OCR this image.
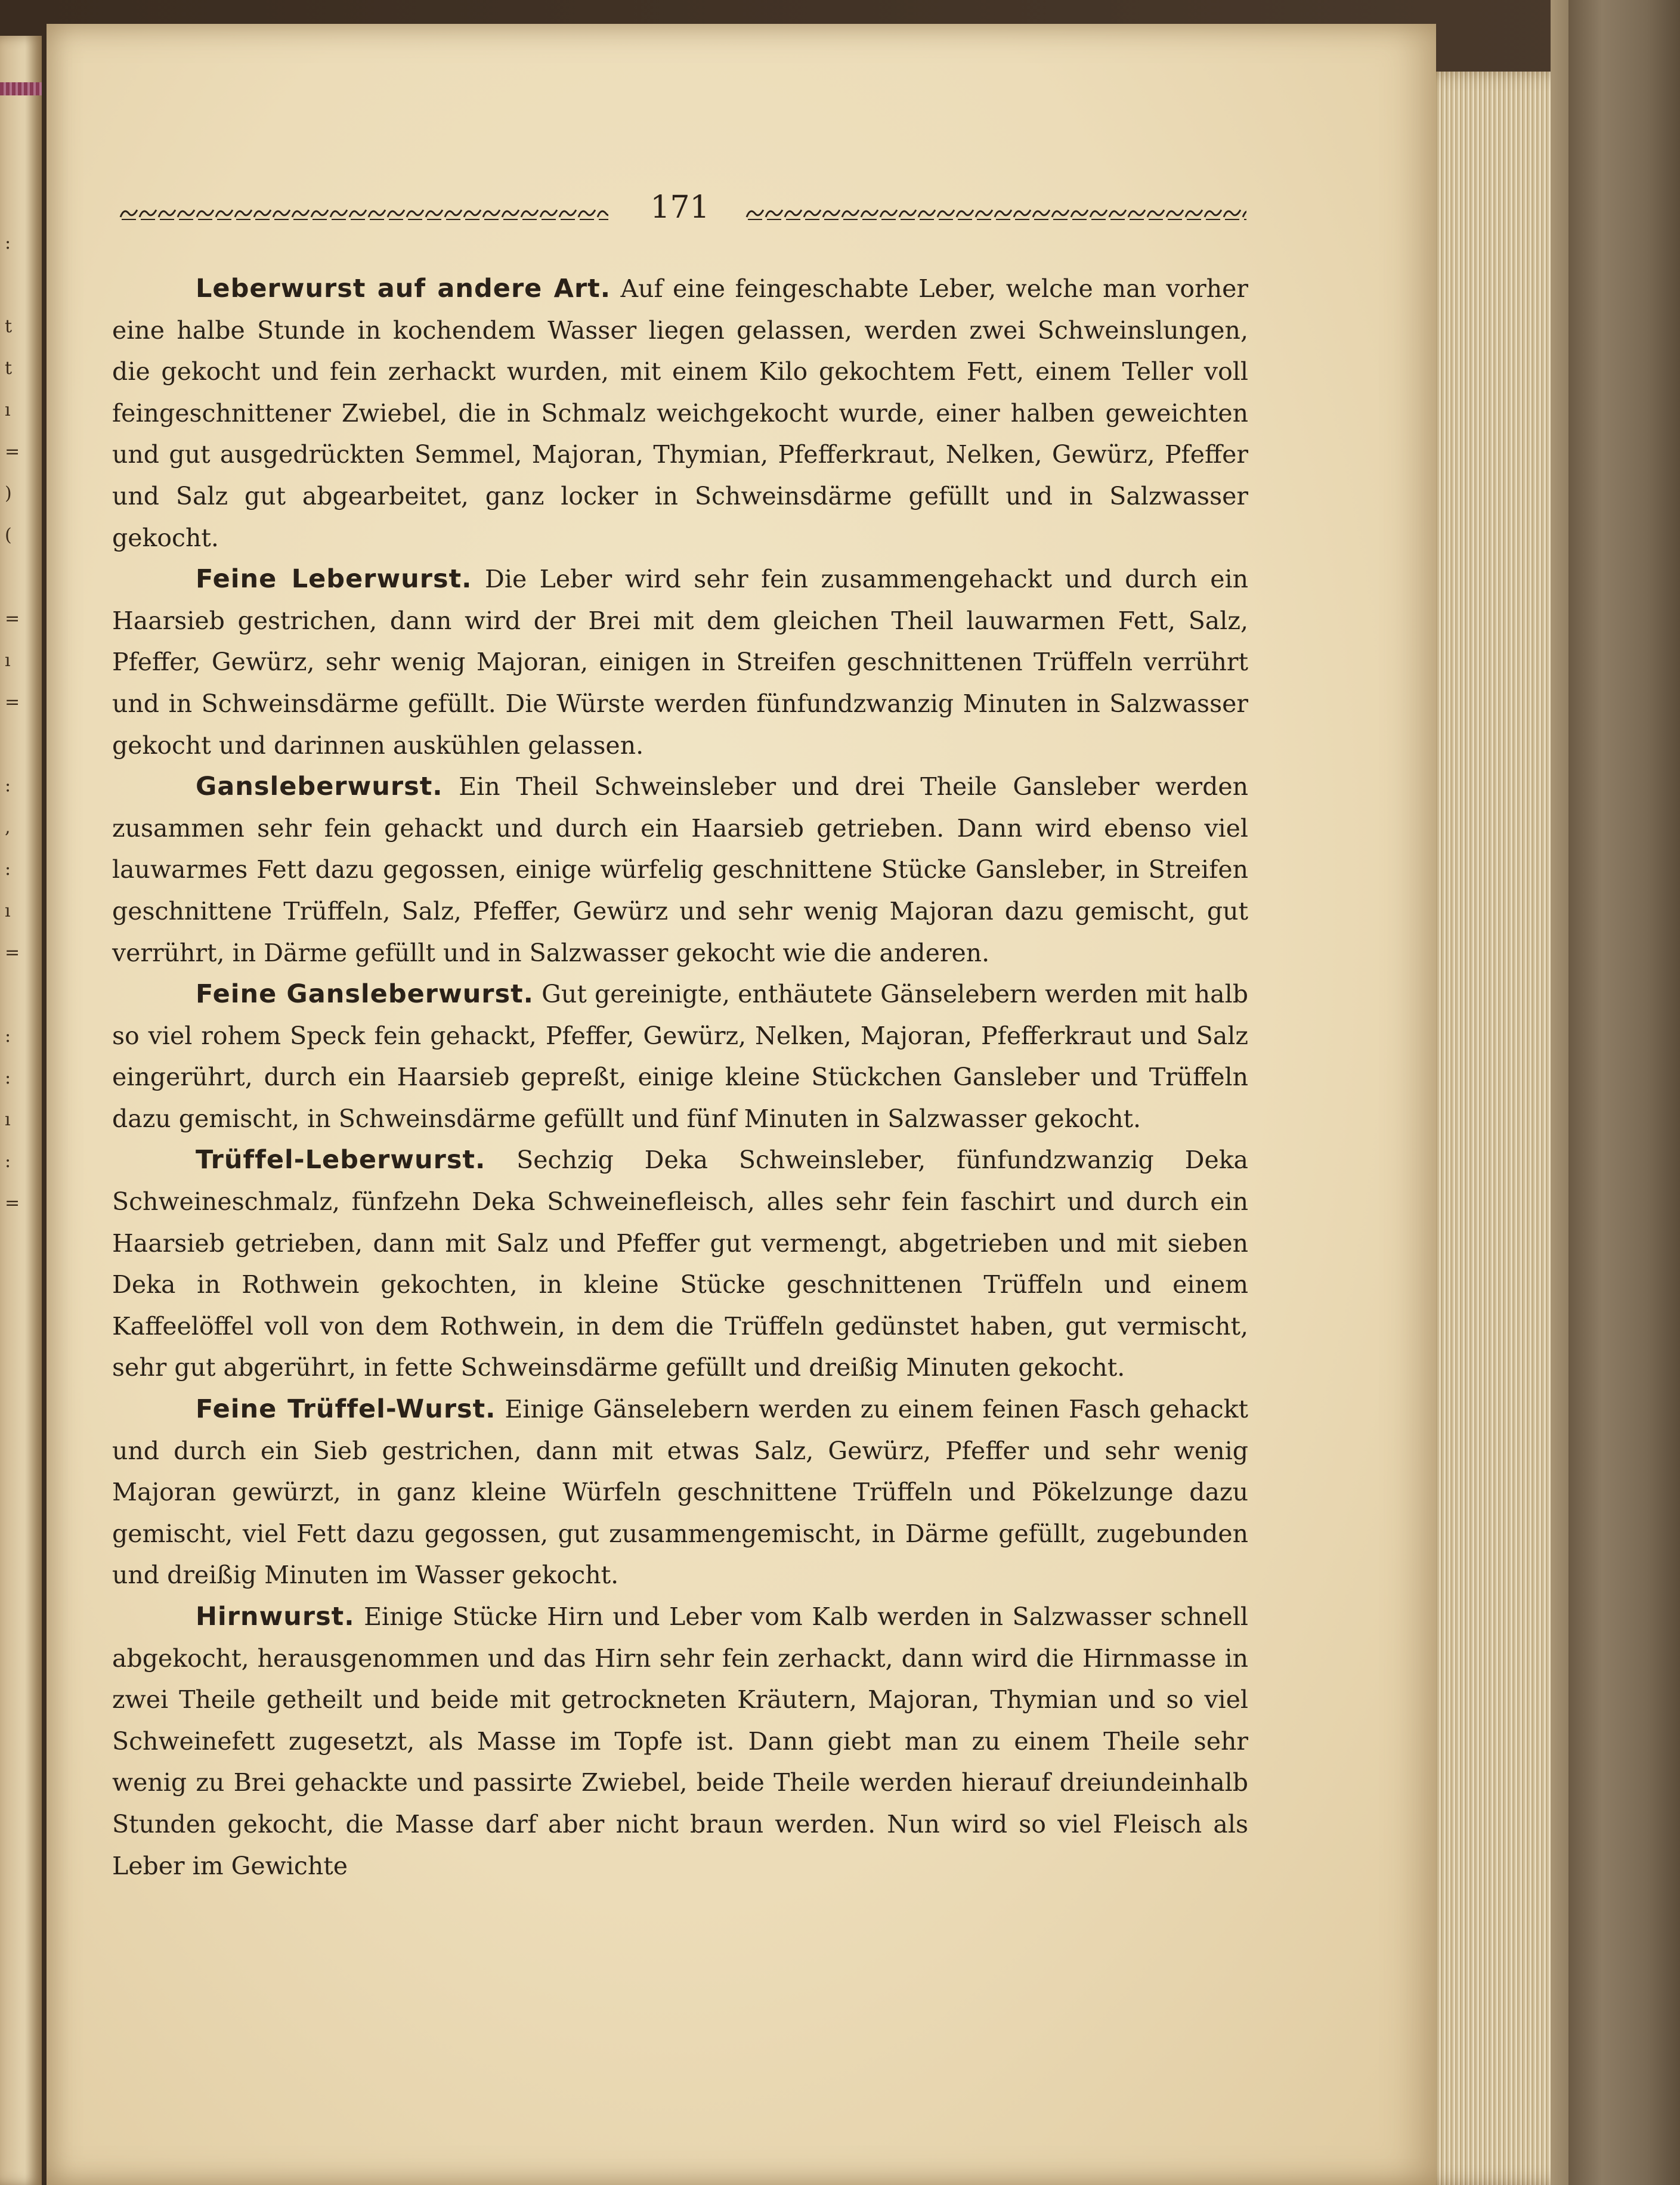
:
t
t
ı
=
)
(
=
ı
=
:
,
:
ı
=
:
:
ı
:
=
171

Leberwurst auf andere Art. Auf eine feingeschabte Leber, welche man vorher eine halbe Stunde in kochendem Wasser liegen gelassen, werden zwei Schweinslungen, die gekocht und fein zerhackt wurden, mit einem Kilo gekochtem Fett, einem Teller voll feingeschnittener Zwiebel, die in Schmalz weichgekocht wurde, einer halben geweichten und gut ausgedrückten Semmel, Majoran, Thymian, Pfefferkraut, Nelken, Gewürz, Pfeffer und Salz gut abgearbeitet, ganz locker in Schweinsdärme gefüllt und in Salzwasser gekocht.

Feine Leberwurst. Die Leber wird sehr fein zusammengehackt und durch ein Haarsieb gestrichen, dann wird der Brei mit dem gleichen Theil lauwarmen Fett, Salz, Pfeffer, Gewürz, sehr wenig Majoran, einigen in Streifen geschnittenen Trüffeln verrührt und in Schweinsdärme gefüllt. Die Würste werden fünfundzwanzig Minuten in Salzwasser gekocht und darinnen auskühlen gelassen.

Gansleberwurst. Ein Theil Schweinsleber und drei Theile Gansleber werden zusammen sehr fein gehackt und durch ein Haarsieb getrieben. Dann wird ebenso viel lauwarmes Fett dazu gegossen, einige würfelig geschnittene Stücke Gansleber, in Streifen geschnittene Trüffeln, Salz, Pfeffer, Gewürz und sehr wenig Majoran dazu gemischt, gut verrührt, in Därme gefüllt und in Salzwasser gekocht wie die anderen.

Feine Gansleberwurst. Gut gereinigte, enthäutete Gänselebern werden mit halb so viel rohem Speck fein gehackt, Pfeffer, Gewürz, Nelken, Majoran, Pfefferkraut und Salz eingerührt, durch ein Haarsieb gepreßt, einige kleine Stückchen Gansleber und Trüffeln dazu gemischt, in Schweinsdärme gefüllt und fünf Minuten in Salzwasser gekocht.

Trüffel-Leberwurst. Sechzig Deka Schweinsleber, fünfundzwanzig Deka Schweineschmalz, fünfzehn Deka Schweinefleisch, alles sehr fein faschirt und durch ein Haarsieb getrieben, dann mit Salz und Pfeffer gut vermengt, abgetrieben und mit sieben Deka in Rothwein gekochten, in kleine Stücke geschnittenen Trüffeln und einem Kaffeelöffel voll von dem Rothwein, in dem die Trüffeln gedünstet haben, gut vermischt, sehr gut abgerührt, in fette Schweinsdärme gefüllt und dreißig Minuten gekocht.

Feine Trüffel-Wurst. Einige Gänselebern werden zu einem feinen Fasch gehackt und durch ein Sieb gestrichen, dann mit etwas Salz, Gewürz, Pfeffer und sehr wenig Majoran gewürzt, in ganz kleine Würfeln geschnittene Trüffeln und Pökelzunge dazu gemischt, viel Fett dazu gegossen, gut zusammengemischt, in Därme gefüllt, zugebunden und dreißig Minuten im Wasser gekocht.

Hirnwurst. Einige Stücke Hirn und Leber vom Kalb werden in Salzwasser schnell abgekocht, herausgenommen und das Hirn sehr fein zerhackt, dann wird die Hirnmasse in zwei Theile getheilt und beide mit getrockneten Kräutern, Majoran, Thymian und so viel Schweinefett zugesetzt, als Masse im Topfe ist. Dann giebt man zu einem Theile sehr wenig zu Brei gehackte und passirte Zwiebel, beide Theile werden hierauf dreiundeinhalb Stunden gekocht, die Masse darf aber nicht braun werden. Nun wird so viel Fleisch als Leber im Gewichte
